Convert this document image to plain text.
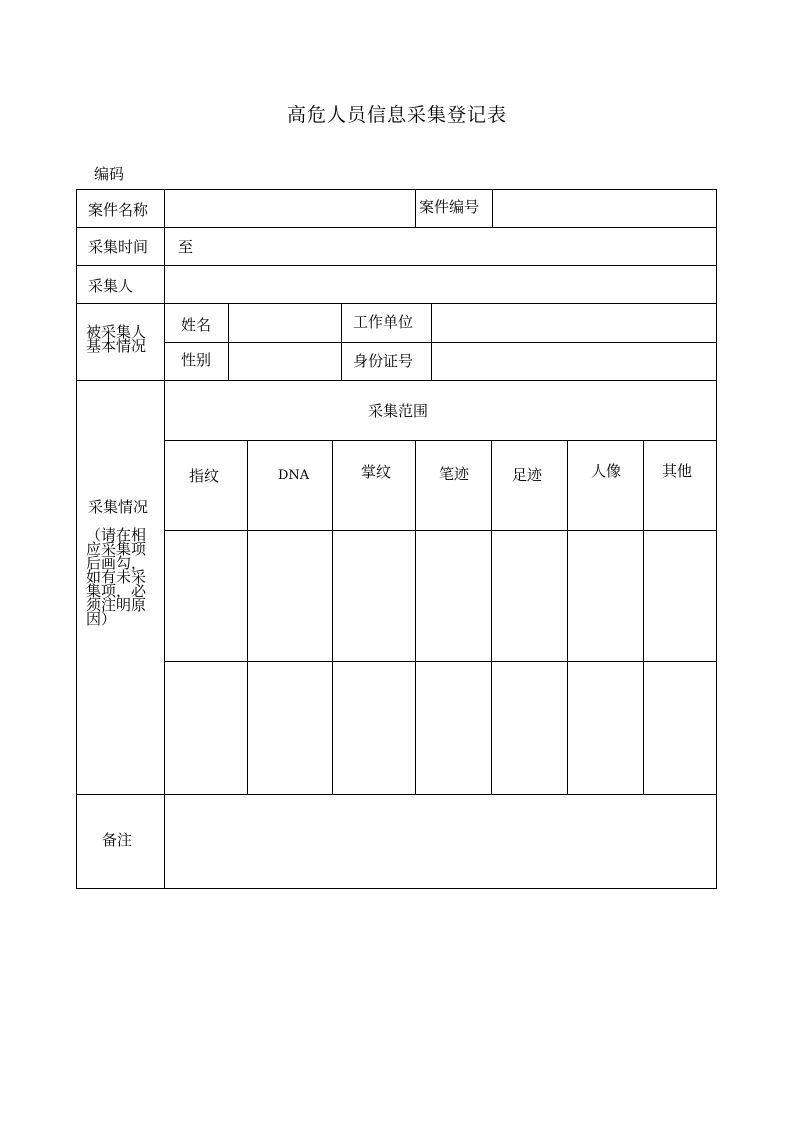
高危人员信息采集登记表
编码
案件名称	案件编号
采集时间 至
采集人
被采集人基本情况
姓名	工作单位
性别	身份证号
采集情况
（请在相应采集项后画勾，如有未采集项，必须注明原因）
采集范围
指纹	DNA	掌纹	笔迹	足迹	人像	其他
备注
